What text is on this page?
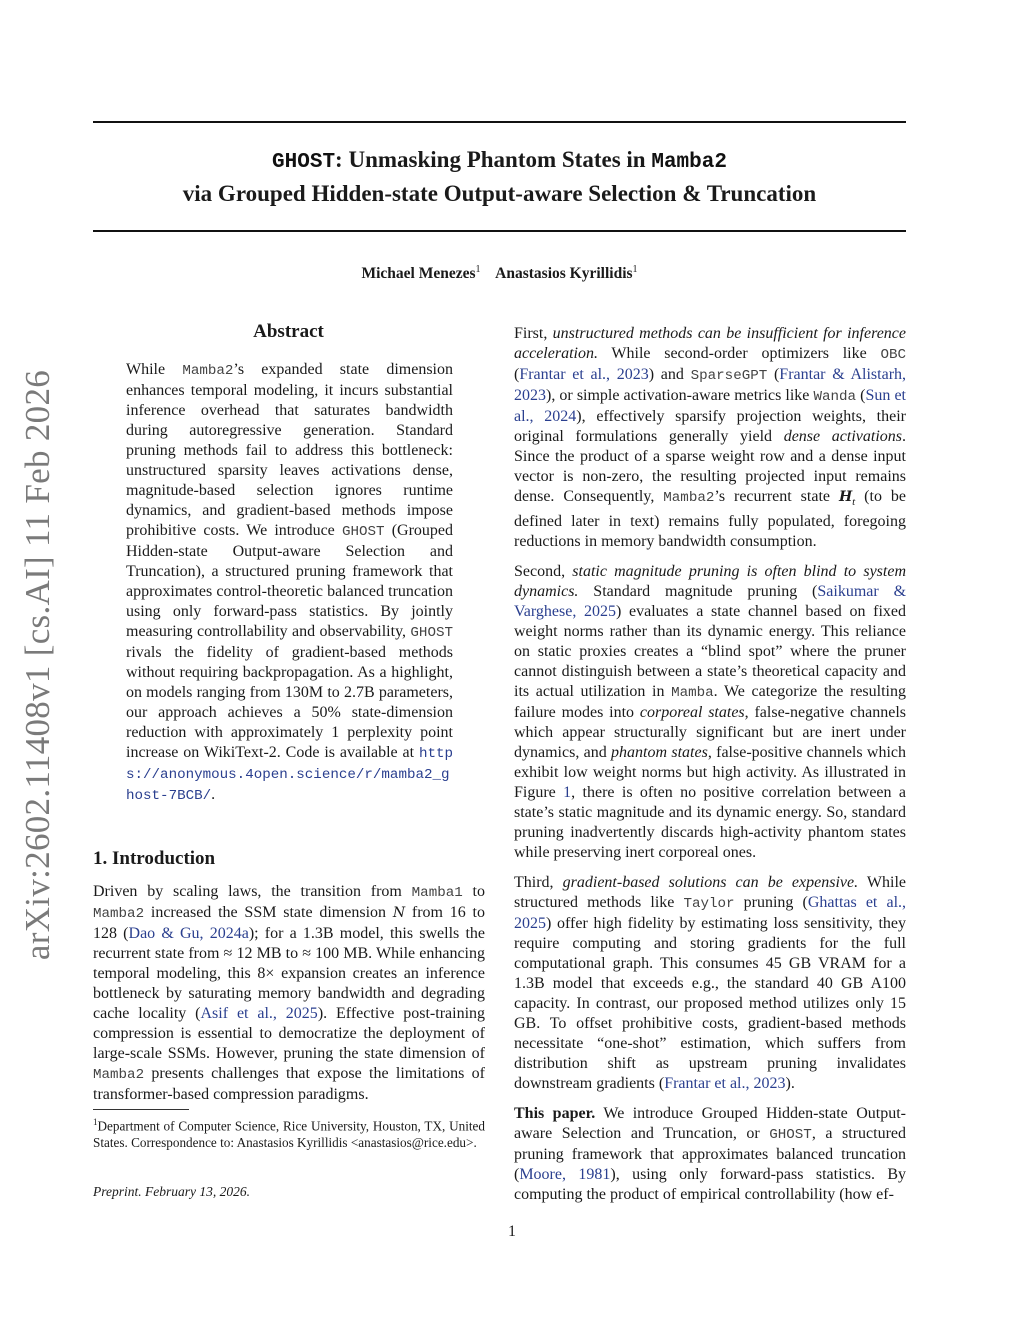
arXiv:2602.11408v1 [cs.AI] 11 Feb 2026
GHOST: Unmasking Phantom States in Mamba2
via Grouped Hidden-state Output-aware Selection & Truncation
Michael Menezes$^1$ Anastasios Kyrillidis$^1$
Abstract

While Mamba2’s expanded state dimension enhances temporal modeling, it incurs substantial inference overhead that saturates bandwidth during autoregressive generation. Standard pruning methods fail to address this bottleneck: unstructured sparsity leaves activations dense, magnitude-based selection ignores runtime dynamics, and gradient-based methods impose prohibitive costs. We introduce GHOST (Grouped Hidden-state Output-aware Selection and Truncation), a structured pruning framework that approximates control-theoretic balanced truncation using only forward-pass statistics. By jointly measuring controllability and observability, GHOST rivals the fidelity of gradient-based methods without requiring backpropagation. As a highlight, on models ranging from 130M to 2.7B parameters, our approach achieves a 50% state-dimension reduction with approximately 1 perplexity point increase on WikiText-2. Code is available at https://anonymous.4open.science/r/mamba2_ghost-7BCB/.

1. Introduction

Driven by scaling laws, the transition from Mamba1 to Mamba2 increased the SSM state dimension N from 16 to 128 (Dao & Gu, 2024a); for a 1.3B model, this swells the recurrent state from ≈ 12 MB to ≈ 100 MB. While enhancing temporal modeling, this 8× expansion creates an inference bottleneck by saturating memory bandwidth and degrading cache locality (Asif et al., 2025). Effective post-training compression is essential to democratize the deployment of large-scale SSMs. However, pruning the state dimension of Mamba2 presents challenges that expose the limitations of transformer-based compression paradigms.

$^1$Department of Computer Science, Rice University, Houston, TX, United States. Correspondence to: Anastasios Kyrillidis <anastasios@rice.edu>.
Preprint. February 13, 2026.

First, unstructured methods can be insufficient for inference acceleration. While second-order optimizers like OBC (Frantar et al., 2023) and SparseGPT (Frantar & Alistarh, 2023), or simple activation-aware metrics like Wanda (Sun et al., 2024), effectively sparsify projection weights, their original formulations generally yield dense activations. Since the product of a sparse weight row and a dense input vector is non-zero, the resulting projected input remains dense. Consequently, Mamba2’s recurrent state $H_t$ (to be defined later in text) remains fully populated, foregoing reductions in memory bandwidth consumption.

Second, static magnitude pruning is often blind to system dynamics. Standard magnitude pruning (Saikumar & Varghese, 2025) evaluates a state channel based on fixed weight norms rather than its dynamic energy. This reliance on static proxies creates a “blind spot” where the pruner cannot distinguish between a state’s theoretical capacity and its actual utilization in Mamba. We categorize the resulting failure modes into corporeal states, false-negative channels which appear structurally significant but are inert under dynamics, and phantom states, false-positive channels which exhibit low weight norms but high activity. As illustrated in Figure 1, there is often no positive correlation between a state’s static magnitude and its dynamic energy. So, standard pruning inadvertently discards high-activity phantom states while preserving inert corporeal ones.

Third, gradient-based solutions can be expensive. While structured methods like Taylor pruning (Ghattas et al., 2025) offer high fidelity by estimating loss sensitivity, they require computing and storing gradients for the full computational graph. This consumes 45 GB VRAM for a 1.3B model that exceeds e.g., the standard 40 GB A100 capacity. In contrast, our proposed method utilizes only 15 GB. To offset prohibitive costs, gradient-based methods necessitate “one-shot” estimation, which suffers from distribution shift as upstream pruning invalidates downstream gradients (Frantar et al., 2023).

This paper. We introduce Grouped Hidden-state Output-aware Selection and Truncation, or GHOST, a structured pruning framework that approximates balanced truncation (Moore, 1981), using only forward-pass statistics. By computing the product of empirical controllability (how ef-

1
